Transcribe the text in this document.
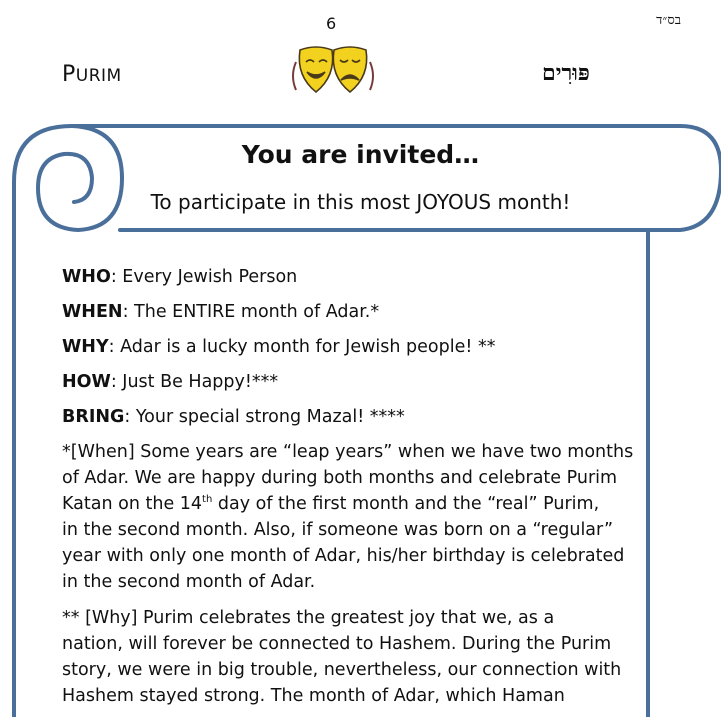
בס״ד
6
PURIM	פּוּרִים
You are invited…
To participate in this most JOYOUS month!
WHO: Every Jewish Person
WHEN: The ENTIRE month of Adar.*
WHY: Adar is a lucky month for Jewish people! **
HOW: Just Be Happy!***
BRING: Your special strong Mazal! ****

*[When] Some years are “leap years” when we have two months

of Adar. We are happy during both months and celebrate Purim

Katan on the 14th day of the first month and the “real” Purim,

in the second month. Also, if someone was born on a “regular”

year with only one month of Adar, his/her birthday is celebrated

in the second month of Adar.

** [Why] Purim celebrates the greatest joy that we, as a

nation, will forever be connected to Hashem. During the Purim

story, we were in big trouble, nevertheless, our connection with

Hashem stayed strong. The month of Adar, which Haman
